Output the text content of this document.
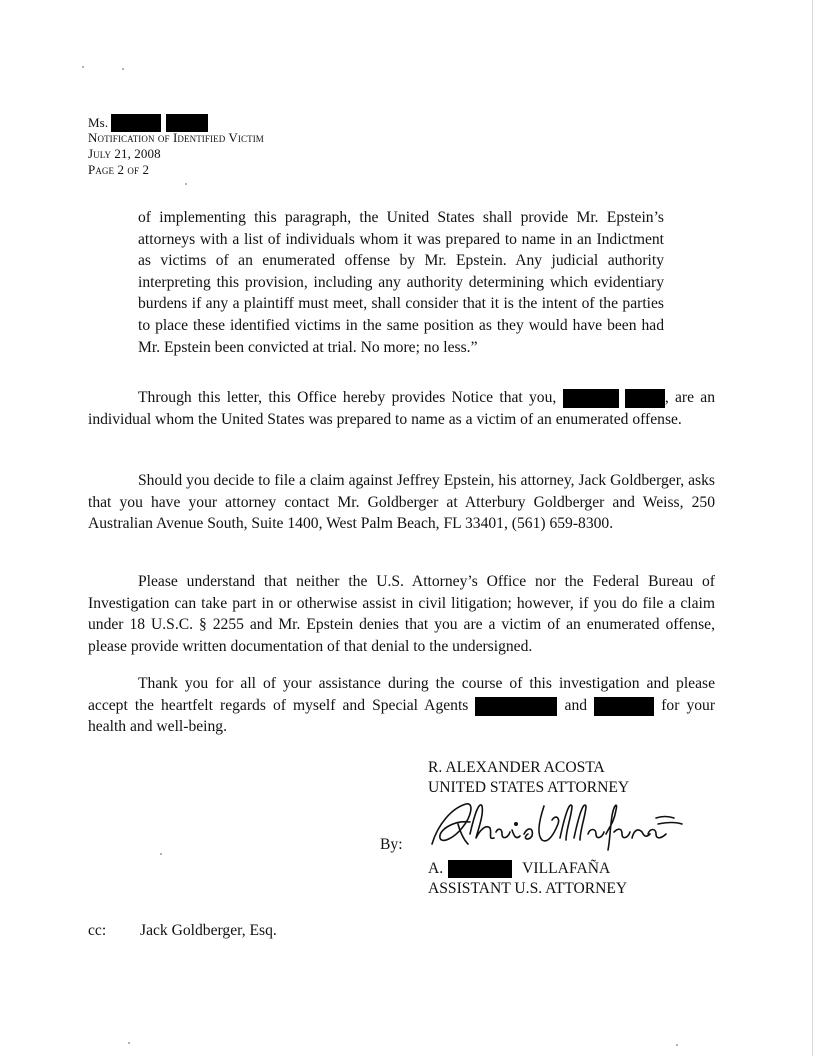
Ms.
Notification of Identified Victim
July 21, 2008
Page 2 of 2

of implementing this paragraph, the United States shall provide Mr. Epstein’s attorneys with a list of individuals whom it was prepared to name in an Indictment as victims of an enumerated offense by Mr. Epstein. Any judicial authority interpreting this provision, including any authority determining which evidentiary burdens if any a plaintiff must meet, shall consider that it is the intent of the parties to place these identified victims in the same position as they would have been had Mr. Epstein been convicted at trial. No more; no less.”

Through this letter, this Office hereby provides Notice that you,	, are an individual whom the United States was prepared to name as a victim of an enumerated offense.

Should you decide to file a claim against Jeffrey Epstein, his attorney, Jack Goldberger, asks that you have your attorney contact Mr. Goldberger at Atterbury Goldberger and Weiss, 250 Australian Avenue South, Suite 1400, West Palm Beach, FL 33401, (561) 659-8300.

Please understand that neither the U.S. Attorney’s Office nor the Federal Bureau of Investigation can take part in or otherwise assist in civil litigation; however, if you do file a claim under 18 U.S.C. § 2255 and Mr. Epstein denies that you are a victim of an enumerated offense, please provide written documentation of that denial to the undersigned.

Thank you for all of your assistance during the course of this investigation and please accept the heartfelt regards of myself and Special Agents	and	for your health and well-being.

R. ALEXANDER ACOSTA
UNITED STATES ATTORNEY
By:
A.	VILLAFAÑA
ASSISTANT U.S. ATTORNEY
cc: Jack Goldberger, Esq.
